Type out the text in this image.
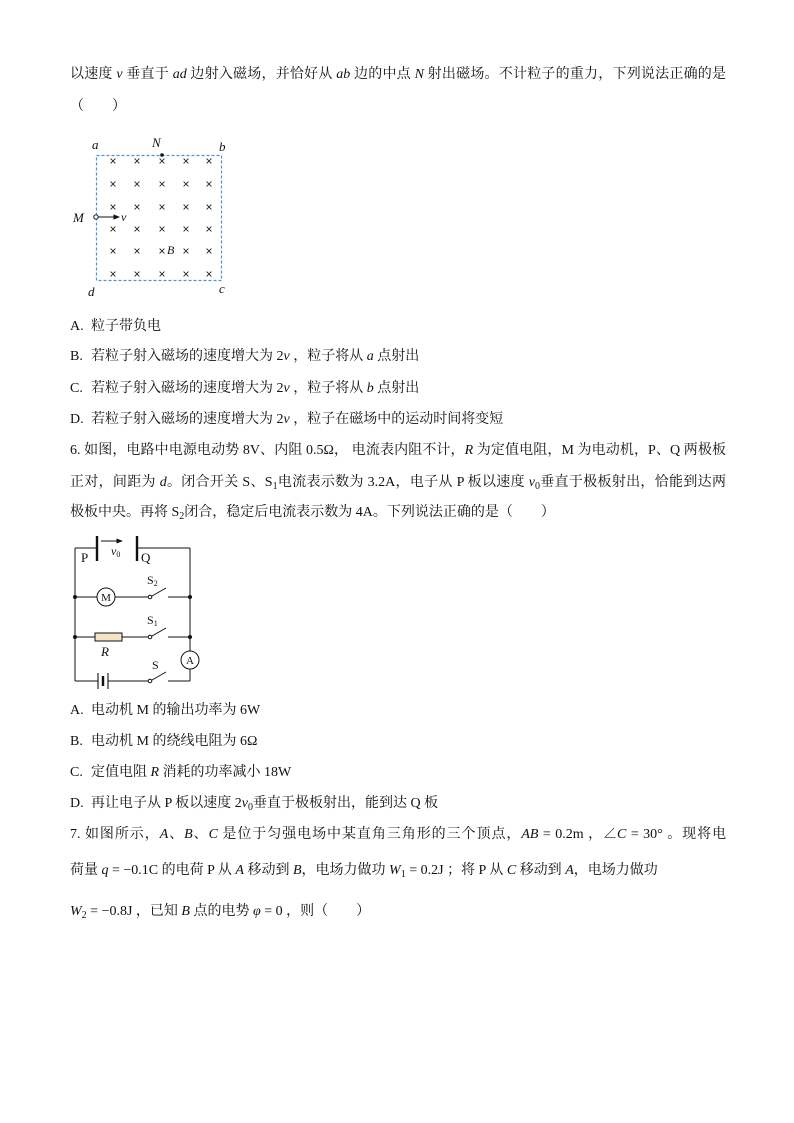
以速度 v 垂直于 ad 边射入磁场，并恰好从 ab 边的中点 N 射出磁场。不计粒子的重力，下列说法正确的是
（　　）
a	N	b
M	v
B
d	c
A. 粒子带负电
B. 若粒子射入磁场的速度增大为 2v ，粒子将从 a 点射出
C. 若粒子射入磁场的速度增大为 2v ，粒子将从 b 点射出
D. 若粒子射入磁场的速度增大为 2v ，粒子在磁场中的运动时间将变短
6. 如图，电路中电源电动势 8V、内阻 0.5Ω， 电流表内阻不计，R 为定值电阻，M 为电动机，P、Q 两极板
正对，间距为 d。闭合开关 S、$S_1$电流表示数为 3.2A，电子从 P 板以速度 $v_0$垂直于极板射出，恰能到达两
极板中央。再将 $S_2$闭合，稳定后电流表示数为 4A。下列说法正确的是（　　）
M
A
P	Q
v0
S2
S1
R
S
A. 电动机 M 的输出功率为 6W
B. 电动机 M 的绕线电阻为 6Ω
C. 定值电阻 R 消耗的功率减小 18W
D. 再让电子从 P 板以速度 $2v_0$垂直于极板射出，能到达 Q 板
7. 如图所示，A、B、C 是位于匀强电场中某直角三角形的三个顶点，AB = 0.2m ，∠C = 30° 。现将电
荷量 q = −0.1C 的电荷 P 从 A 移动到 B，电场力做功 $W_1 = 0.2J$ ；将 P 从 C 移动到 A，电场力做功
$W_2 = -0.8J$ ，已知 B 点的电势 φ = 0 ，则（　　）
